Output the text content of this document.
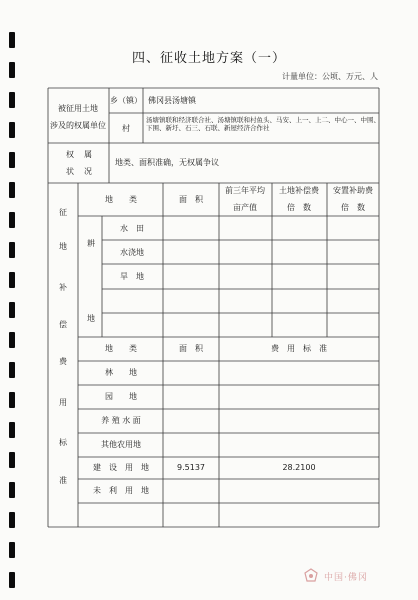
四、征收土地方案（一）
计量单位：公顷、万元、人
被征用土地
涉及的权属单位
乡（镇） 佛冈县汤塘镇
村
汤塘镇联和经济联合社、汤塘镇联和村鱼头、马安、上一、上二、中心一、中围、下围、新圩、石三、石联、新屋经济合作社
权属
状况
地类、面积准确，无权属争议
征
地
补
偿
费
用
标
准
耕
地
地　　类	面　积
前三年平均
亩产值
土地补偿费
倍　数
安置补助费
倍　数
水　田
水浇地
旱　地
地　　类	面　积	费　用　标　准
林　　地
园　　地
养 殖 水 面
其他农用地
建　设　用　地	9.5137	28.2100
未　利　用　地
中国·佛冈
